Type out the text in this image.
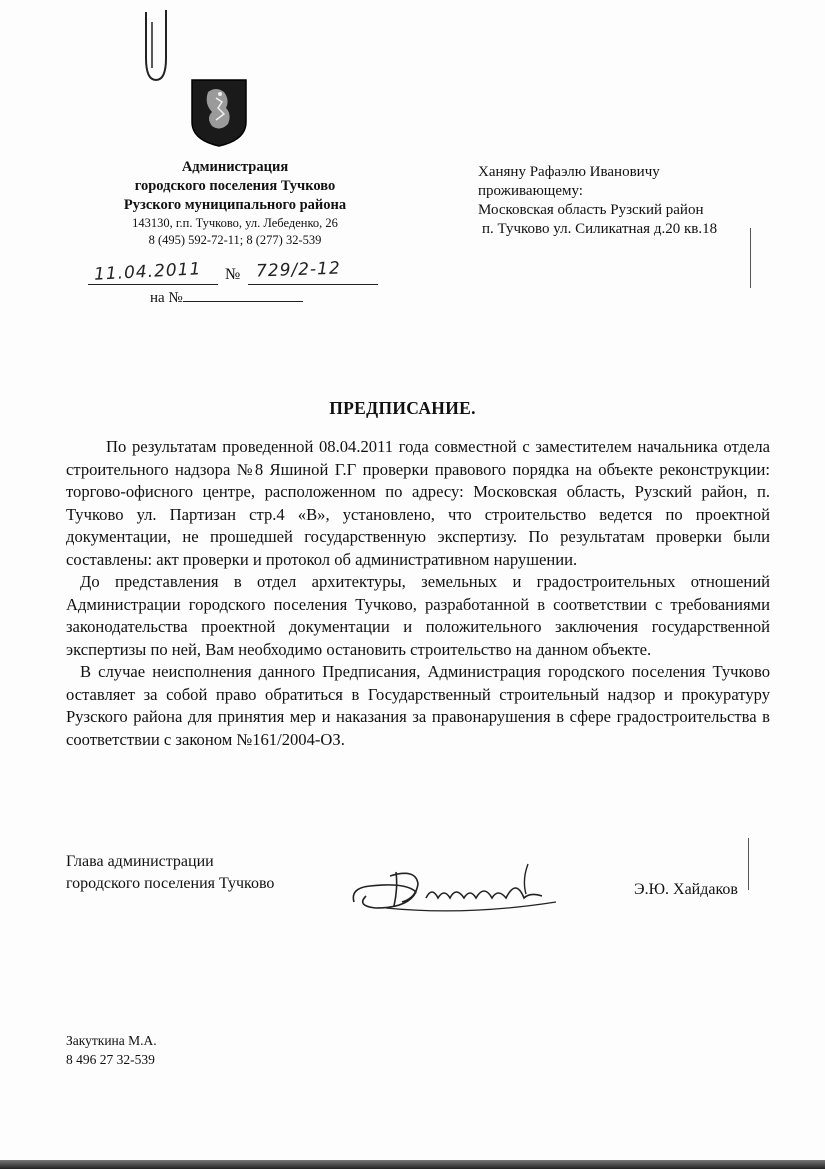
Администрация
городского поселения Тучково
Рузского муниципального района
143130, г.п. Тучково, ул. Лебеденко, 26
8 (495) 592-72-11; 8 (277) 32-539
Ханяну Рафаэлю Ивановичу
проживающему:
Московская область Рузский район
п. Тучково ул. Силикатная д.20 кв.18
11.04.2011 № 729/2-12
на №
ПРЕДПИСАНИЕ.

По результатам проведенной 08.04.2011 года совместной с заместителем начальника отдела строительного надзора №8 Яшиной Г.Г проверки правового порядка на объекте реконструкции: торгово-офисного центре, расположенном по адресу: Московская область, Рузский район, п. Тучково ул. Партизан стр.4 «В», установлено, что строительство ведется по проектной документации, не прошедшей государственную экспертизу. По результатам проверки были составлены: акт проверки и протокол об административном нарушении.

До представления в отдел архитектуры, земельных и градостроительных отношений Администрации городского поселения Тучково, разработанной в соответствии с требованиями законодательства проектной документации и положительного заключения государственной экспертизы по ней, Вам необходимо остановить строительство на данном объекте.

В случае неисполнения данного Предписания, Администрация городского поселения Тучково оставляет за собой право обратиться в Государственный строительный надзор и прокуратуру Рузского района для принятия мер и наказания за правонарушения в сфере градостроительства в соответствии с законом №161/2004-ОЗ.

Глава администрации
городского поселения Тучково	Э.Ю. Хайдаков
Закуткина М.А.
8 496 27 32-539
